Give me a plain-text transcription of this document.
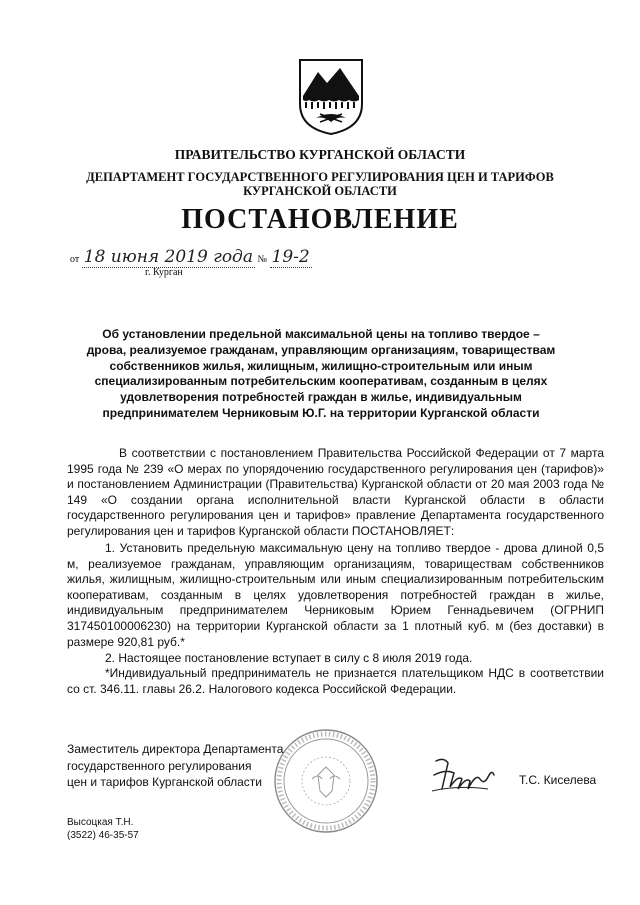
ПРАВИТЕЛЬСТВО КУРГАНСКОЙ ОБЛАСТИ
ДЕПАРТАМЕНТ ГОСУДАРСТВЕННОГО РЕГУЛИРОВАНИЯ ЦЕН И ТАРИФОВ
КУРГАНСКОЙ ОБЛАСТИ
ПОСТАНОВЛЕНИЕ
от 18 июня 2019 года № 19-2
г. Курган
Об установлении предельной максимальной цены на топливо твердое – дрова, реализуемое гражданам, управляющим организациям, товариществам собственников жилья, жилищным, жилищно-строительным или иным специализированным потребительским кооперативам, созданным в целях удовлетворения потребностей граждан в жилье, индивидуальным предпринимателем Черниковым Ю.Г. на территории Курганской области
В соответствии с постановлением Правительства Российской Федерации от 7 марта 1995 года № 239 «О мерах по упорядочению государственного регулирования цен (тарифов)» и постановлением Администрации (Правительства) Курганской области от 20 мая 2003 года № 149 «О создании органа исполнительной власти Курганской области в области государственного регулирования цен и тарифов» правление Департамента государственного регулирования цен и тарифов Курганской области ПОСТАНОВЛЯЕТ:
1. Установить предельную максимальную цену на топливо твердое - дрова длиной 0,5 м, реализуемое гражданам, управляющим организациям, товариществам собственников жилья, жилищным, жилищно-строительным или иным специализированным потребительским кооперативам, созданным в целях удовлетворения потребностей граждан в жилье, индивидуальным предпринимателем Черниковым Юрием Геннадьевичем (ОГРНИП 317450100006230) на территории Курганской области за 1 плотный куб. м (без доставки) в размере 920,81 руб.*
2. Настоящее постановление вступает в силу с 8 июля 2019 года.
*Индивидуальный предприниматель не признается плательщиком НДС в соответствии со ст. 346.11. главы 26.2. Налогового кодекса Российской Федерации.
Заместитель директора Департамента
государственного регулирования
цен и тарифов Курганской области	Т.С. Киселева
Высоцкая Т.Н.
(3522) 46-35-57
